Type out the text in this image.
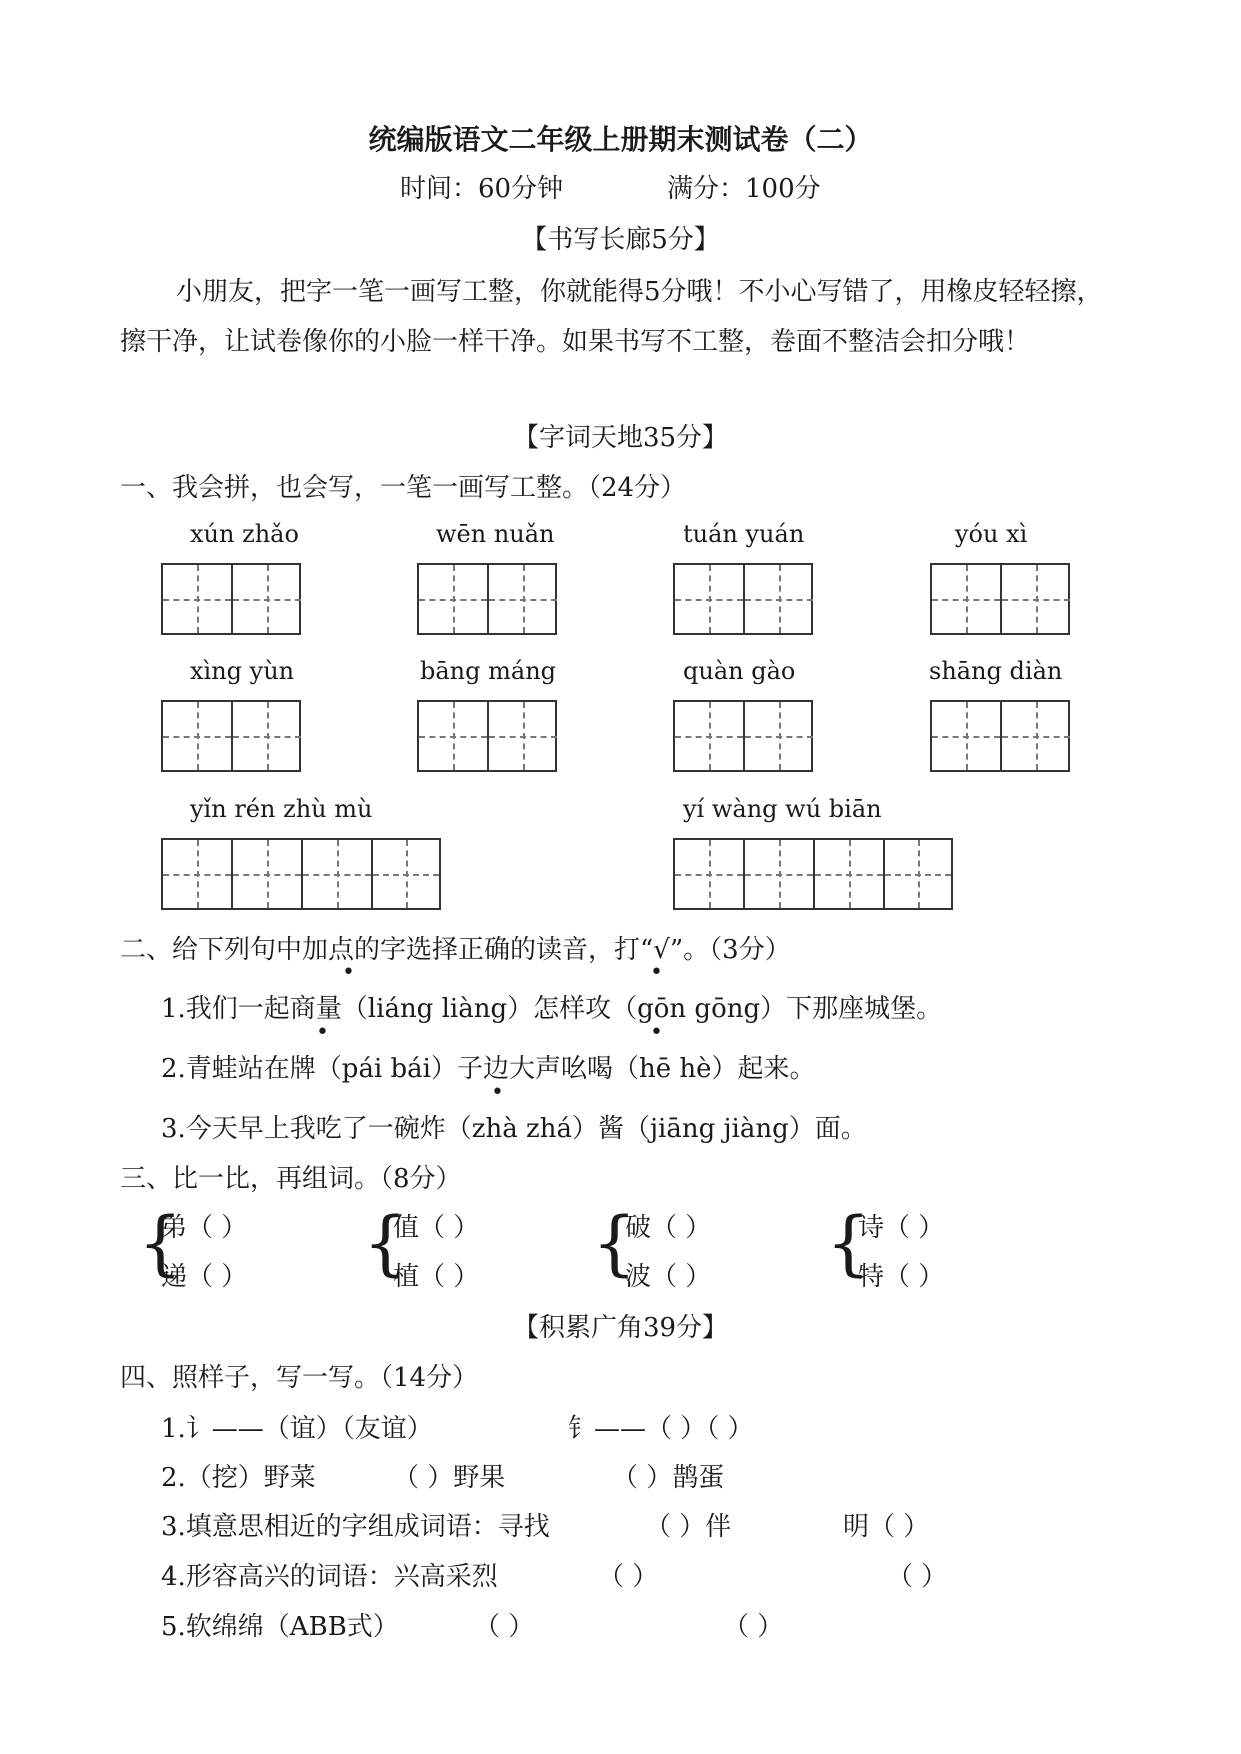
统编版语文二年级上册期末测试卷（二）
时间：60分钟	满分：100分
【书写长廊5分】
小朋友，把字一笔一画写工整，你就能得5分哦！不小心写错了，用橡皮轻轻擦，擦干净，让试卷像你的小脸一样干净。如果书写不工整，卷面不整洁会扣分哦！
【字词天地35分】
一、我会拼，也会写，一笔一画写工整。（24分）
xún zhǎo	wēn nuǎn	tuán yuán	yóu xì
xìng yùn	bāng máng	quàn gào	shāng diàn
yǐn rén zhù mù	yí wàng wú biān
二、给下列句中加点的字选择正确的读音，打“√”。（3分）
1.我们一起商量（liáng liàng）怎样攻（gōn gōng）下那座城堡。
2.青蛙站在牌（pái bái）子边大声吆喝（hē hè）起来。
3.今天早上我吃了一碗炸（zhà zhá）酱（jiāng jiàng）面。
•	•
•	•
•
三、比一比，再组词。（8分）
{
弟（ ）
递（ ） {
值（ ）
植（ ） {
破（ ）
波（ ） {
诗（ ）
特（ ）
【积累广角39分】
四、照样子，写一写。（14分）
1.讠——（谊）（友谊）	钅——（ ）（ ）
2.（挖）野菜	（ ）野果	（ ）鹊蛋
3.填意思相近的字组成词语：寻找	（ ）伴	明（ ）
4.形容高兴的词语：兴高采烈	（ ）	（ ）
5.软绵绵（ABB式）	（ ）	（ ）
